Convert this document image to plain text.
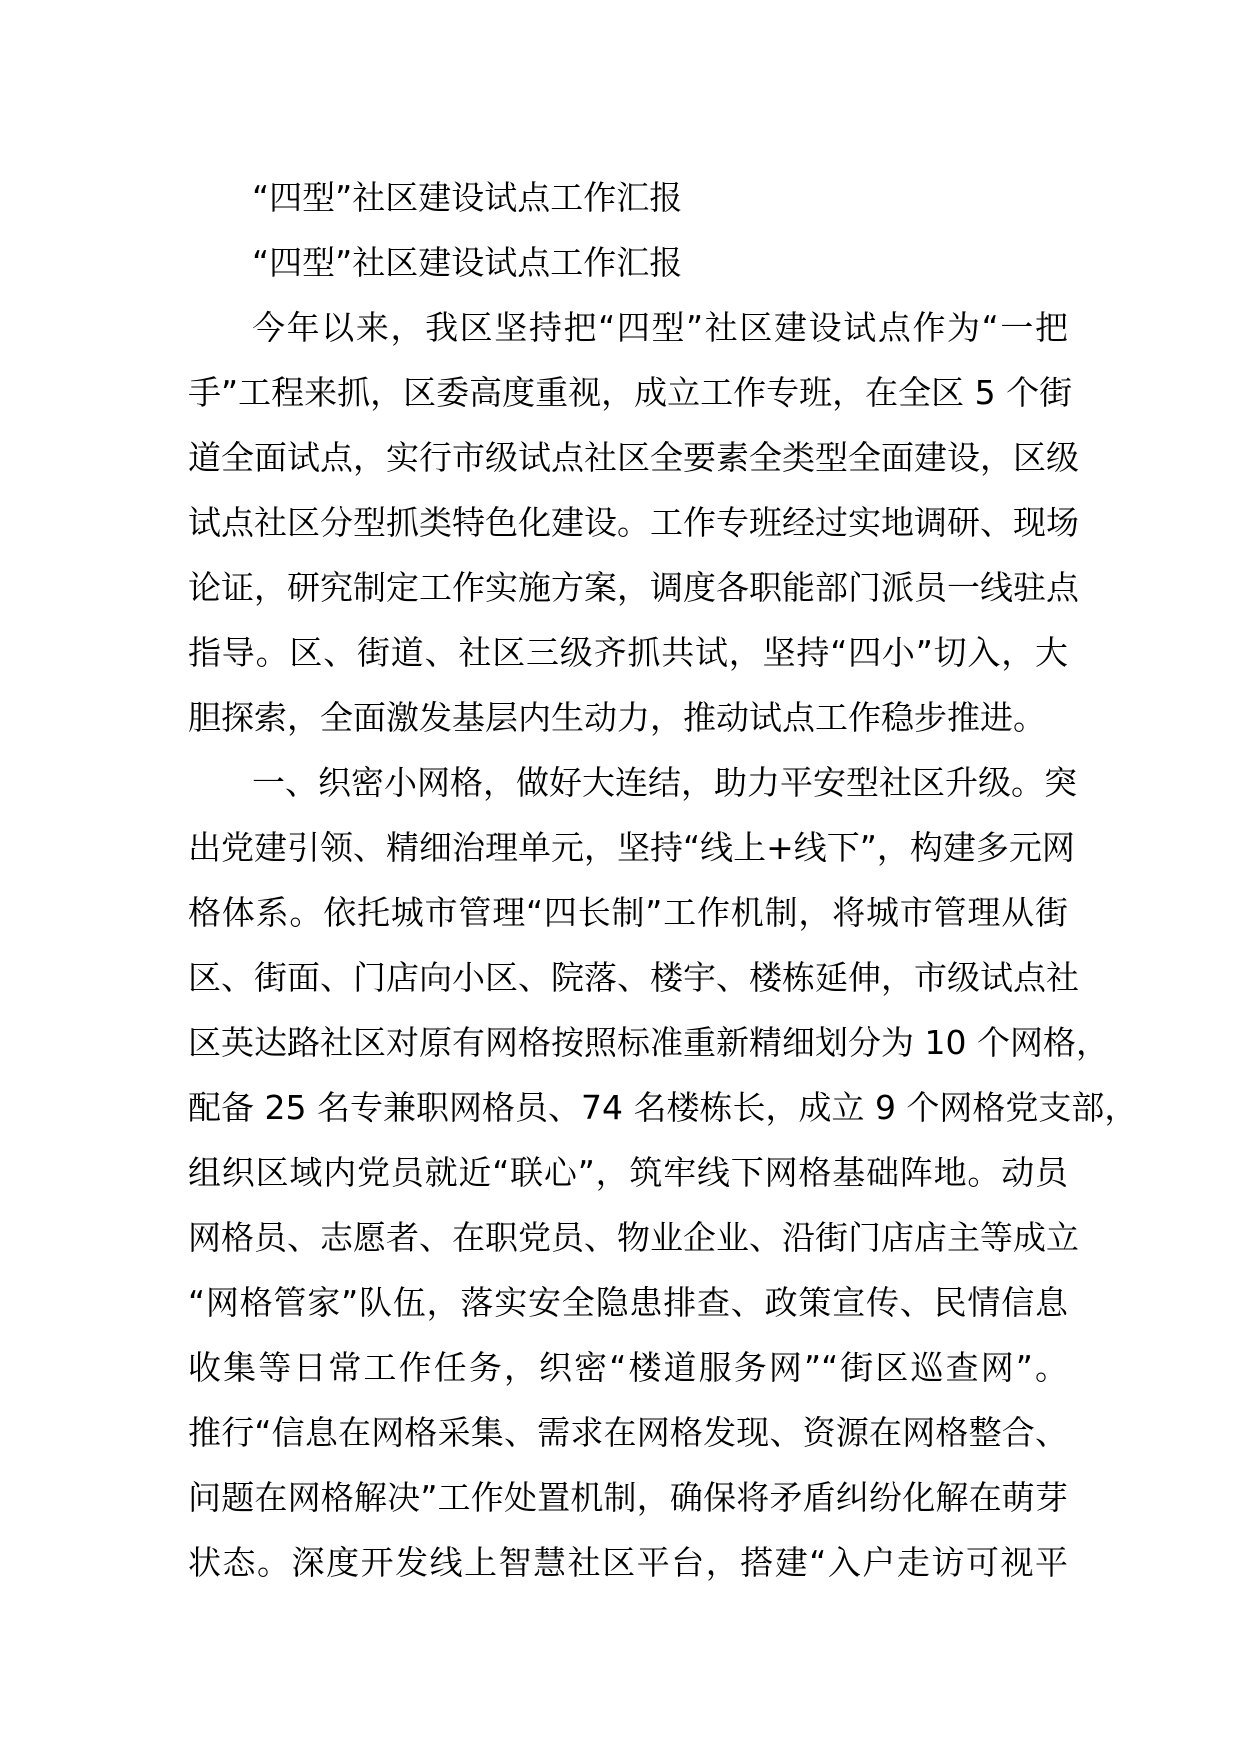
“四型”社区建设试点工作汇报
“四型”社区建设试点工作汇报
今年以来，我区坚持把“四型”社区建设试点作为“一把
手”工程来抓，区委高度重视，成立工作专班，在全区 5 个街
道全面试点，实行市级试点社区全要素全类型全面建设，区级
试点社区分型抓类特色化建设。工作专班经过实地调研、现场
论证，研究制定工作实施方案，调度各职能部门派员一线驻点
指导。区、街道、社区三级齐抓共试，坚持“四小”切入，大
胆探索，全面激发基层内生动力，推动试点工作稳步推进。
一、织密小网格，做好大连结，助力平安型社区升级。突
出党建引领、精细治理单元，坚持“线上+线下”，构建多元网
格体系。依托城市管理“四长制”工作机制，将城市管理从街
区、街面、门店向小区、院落、楼宇、楼栋延伸，市级试点社
区英达路社区对原有网格按照标准重新精细划分为 10 个网格，
配备 25 名专兼职网格员、74 名楼栋长，成立 9 个网格党支部，
组织区域内党员就近“联心”，筑牢线下网格基础阵地。动员
网格员、志愿者、在职党员、物业企业、沿街门店店主等成立
“网格管家”队伍，落实安全隐患排查、政策宣传、民情信息
收集等日常工作任务，织密“楼道服务网”“街区巡查网”。
推行“信息在网格采集、需求在网格发现、资源在网格整合、
问题在网格解决”工作处置机制，确保将矛盾纠纷化解在萌芽
状态。深度开发线上智慧社区平台，搭建“入户走访可视平
